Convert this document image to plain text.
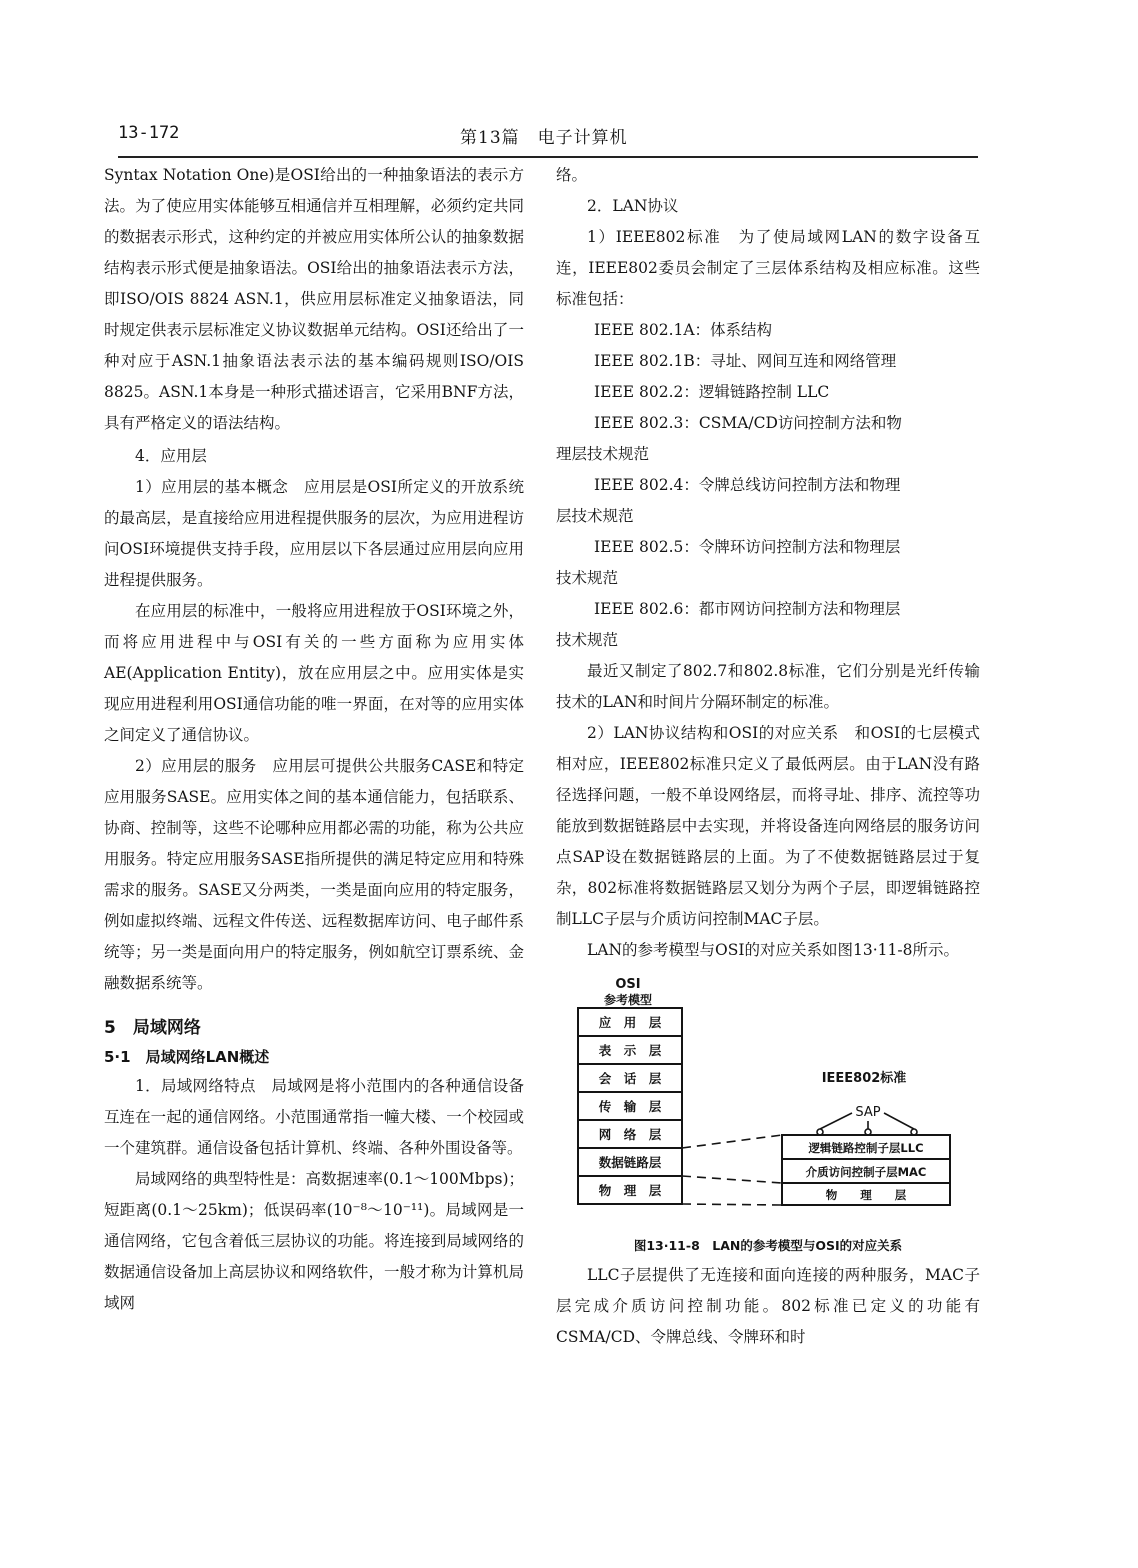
13-172	第13篇　电子计算机

Syntax Notation One)是OSI给出的一种抽象语法的表示方法。为了使应用实体能够互相通信并互相理解，必须约定共同的数据表示形式，这种约定的并被应用实体所公认的抽象数据结构表示形式便是抽象语法。OSI给出的抽象语法表示方法，即ISO/OIS 8824 ASN.1，供应用层标准定义抽象语法，同时规定供表示层标准定义协议数据单元结构。OSI还给出了一种对应于ASN.1抽象语法表示法的基本编码规则ISO/OIS 8825。ASN.1本身是一种形式描述语言，它采用BNF方法，具有严格定义的语法结构。

4．应用层

1）应用层的基本概念　应用层是OSI所定义的开放系统的最高层，是直接给应用进程提供服务的层次，为应用进程访问OSI环境提供支持手段，应用层以下各层通过应用层向应用进程提供服务。

在应用层的标准中，一般将应用进程放于OSI环境之外，而将应用进程中与OSI有关的一些方面称为应用实体AE(Application Entity)，放在应用层之中。应用实体是实现应用进程利用OSI通信功能的唯一界面，在对等的应用实体之间定义了通信协议。

2）应用层的服务　应用层可提供公共服务CASE和特定应用服务SASE。应用实体之间的基本通信能力，包括联系、协商、控制等，这些不论哪种应用都必需的功能，称为公共应用服务。特定应用服务SASE指所提供的满足特定应用和特殊需求的服务。SASE又分两类，一类是面向应用的特定服务，例如虚拟终端、远程文件传送、远程数据库访问、电子邮件系统等；另一类是面向用户的特定服务，例如航空订票系统、金融数据系统等。

5　局域网络
5·1　局域网络LAN概述

1．局域网络特点　局域网是将小范围内的各种通信设备互连在一起的通信网络。小范围通常指一幢大楼、一个校园或一个建筑群。通信设备包括计算机、终端、各种外围设备等。

局域网络的典型特性是：高数据速率(0.1～100Mbps)；短距离(0.1～25km)；低误码率(10⁻⁸～10⁻¹¹)。局域网是一通信网络，它包含着低三层协议的功能。将连接到局域网络的数据通信设备加上高层协议和网络软件，一般才称为计算机局域网

络。

2．LAN协议

1）IEEE802标准　为了使局域网LAN的数字设备互连，IEEE802委员会制定了三层体系结构及相应标准。这些标准包括：

IEEE 802.1A：体系结构

IEEE 802.1B：寻址、网间互连和网络管理

IEEE 802.2：逻辑链路控制 LLC

IEEE 802.3：CSMA/CD访问控制方法和物

理层技术规范

IEEE 802.4：令牌总线访问控制方法和物理

层技术规范

IEEE 802.5：令牌环访问控制方法和物理层

技术规范

IEEE 802.6：都市网访问控制方法和物理层

技术规范

最近又制定了802.7和802.8标准，它们分别是光纤传输技术的LAN和时间片分隔环制定的标准。

2）LAN协议结构和OSI的对应关系　和OSI的七层模式相对应，IEEE802标准只定义了最低两层。由于LAN没有路径选择问题，一般不单设网络层，而将寻址、排序、流控等功能放到数据链路层中去实现，并将设备连向网络层的服务访问点SAP设在数据链路层的上面。为了不使数据链路层过于复杂，802标准将数据链路层又划分为两个子层，即逻辑链路控制LLC子层与介质访问控制MAC子层。

LAN的参考模型与OSI的对应关系如图13·11-8所示。

OSI
参考模型
应　用　层
表　示　层
会　话　层
传　输　层
网　络　层
数据链路层
物　理　层
IEEE802标准
SAP
逻辑链路控制子层LLC
介质访问控制子层MAC
物　　理　　层

图13·11-8　LAN的参考模型与OSI的对应关系

LLC子层提供了无连接和面向连接的两种服务，MAC子层完成介质访问控制功能。802标准已定义的功能有CSMA/CD、令牌总线、令牌环和时
